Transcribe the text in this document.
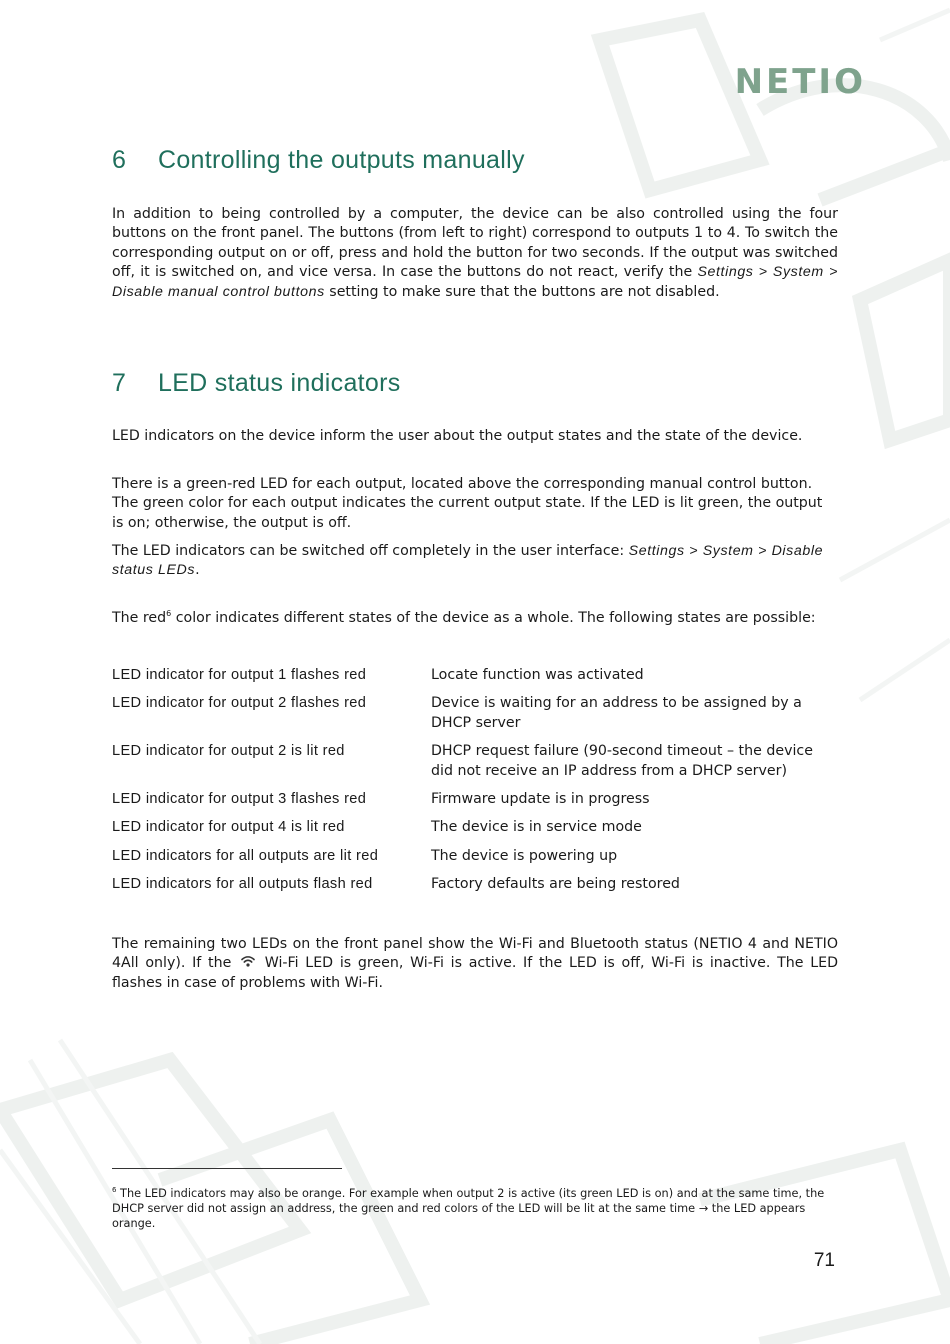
NETIO
6 Controlling the outputs manually

In addition to being controlled by a computer, the device can be also controlled using the four buttons on the front panel. The buttons (from left to right) correspond to outputs 1 to 4. To switch the corresponding output on or off, press and hold the button for two seconds. If the output was switched off, it is switched on, and vice versa. In case the buttons do not react, verify the Settings > System > Disable manual control buttons setting to make sure that the buttons are not disabled.

7 LED status indicators

LED indicators on the device inform the user about the output states and the state of the device.

There is a green-red LED for each output, located above the corresponding manual control button. The green color for each output indicates the current output state. If the LED is lit green, the output is on; otherwise, the output is off.

The LED indicators can be switched off completely in the user interface: Settings > System > Disable status LEDs.

The red$^6$ color indicates different states of the device as a whole. The following states are possible:

LED indicator for output 1 flashes red	Locate function was activated
LED indicator for output 2 flashes red	Device is waiting for an address to be assigned by a DHCP server
LED indicator for output 2 is lit red	DHCP request failure (90-second timeout – the device did not receive an IP address from a DHCP server)
LED indicator for output 3 flashes red	Firmware update is in progress
LED indicator for output 4 is lit red	The device is in service mode
LED indicators for all outputs are lit red	The device is powering up
LED indicators for all outputs flash red	Factory defaults are being restored

The remaining two LEDs on the front panel show the Wi-Fi and Bluetooth status (NETIO 4 and NETIO 4All only). If the  Wi-Fi LED is green, Wi-Fi is active. If the LED is off, Wi-Fi is inactive. The LED flashes in case of problems with Wi-Fi.

$^6$ The LED indicators may also be orange. For example when output 2 is active (its green LED is on) and at the same time, the DHCP server did not assign an address, the green and red colors of the LED will be lit at the same time → the LED appears orange.

71
